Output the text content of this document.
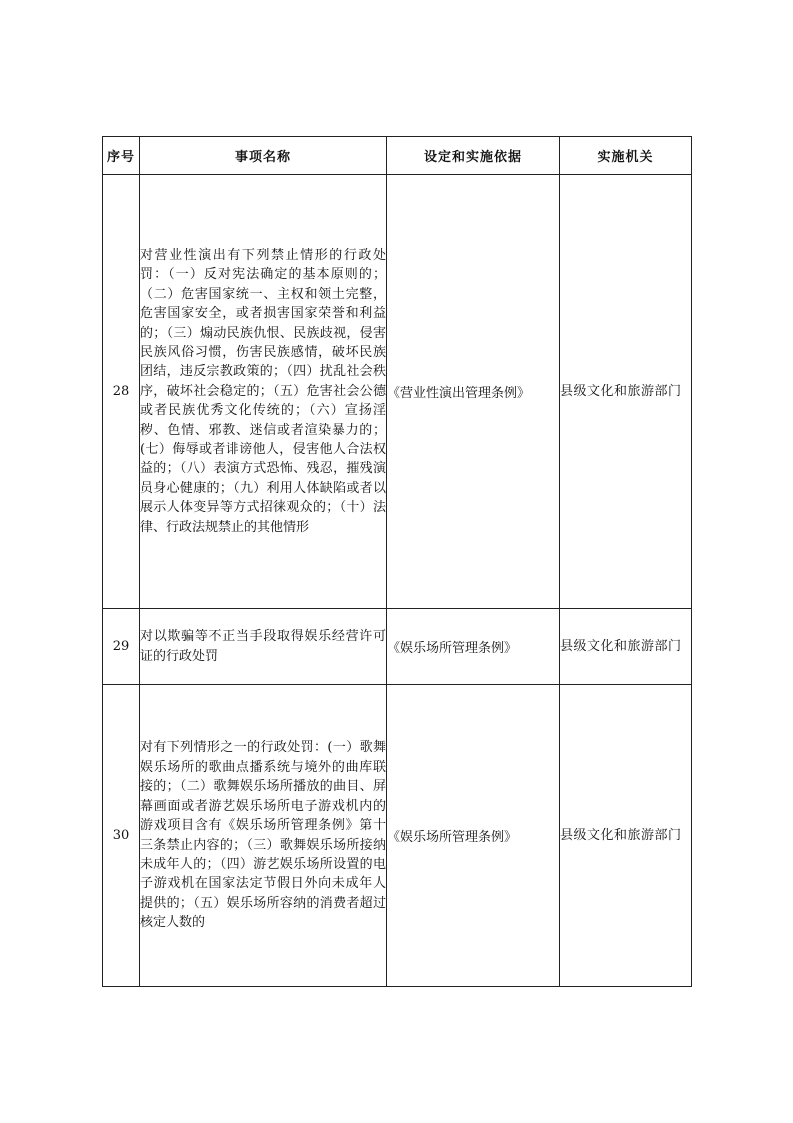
序号	事项名称	设定和实施依据	实施机关
28	对营业性演出有下列禁止情形的行政处罚：（一）反对宪法确定的基本原则的；（二）危害国家统一、主权和领土完整，危害国家安全，或者损害国家荣誉和利益的；（三）煽动民族仇恨、民族歧视，侵害民族风俗习惯，伤害民族感情，破坏民族团结，违反宗教政策的；（四）扰乱社会秩序，破坏社会稳定的；（五）危害社会公德或者民族优秀文化传统的；（六）宣扬淫秽、色情、邪教、迷信或者渲染暴力的；(七）侮辱或者诽谤他人，侵害他人合法权益的；（八）表演方式恐怖、残忍，摧残演员身心健康的；（九）利用人体缺陷或者以展示人体变异等方式招徕观众的；（十）法律、行政法规禁止的其他情形	《营业性演出管理条例》	县级文化和旅游部门
29	对以欺骗等不正当手段取得娱乐经营许可证的行政处罚	《娱乐场所管理条例》	县级文化和旅游部门
30	对有下列情形之一的行政处罚：(一）歌舞娱乐场所的歌曲点播系统与境外的曲库联接的；（二）歌舞娱乐场所播放的曲目、屏幕画面或者游艺娱乐场所电子游戏机内的游戏项目含有《娱乐场所管理条例》第十三条禁止内容的；（三）歌舞娱乐场所接纳未成年人的；（四）游艺娱乐场所设置的电子游戏机在国家法定节假日外向未成年人提供的；（五）娱乐场所容纳的消费者超过核定人数的	《娱乐场所管理条例》	县级文化和旅游部门
